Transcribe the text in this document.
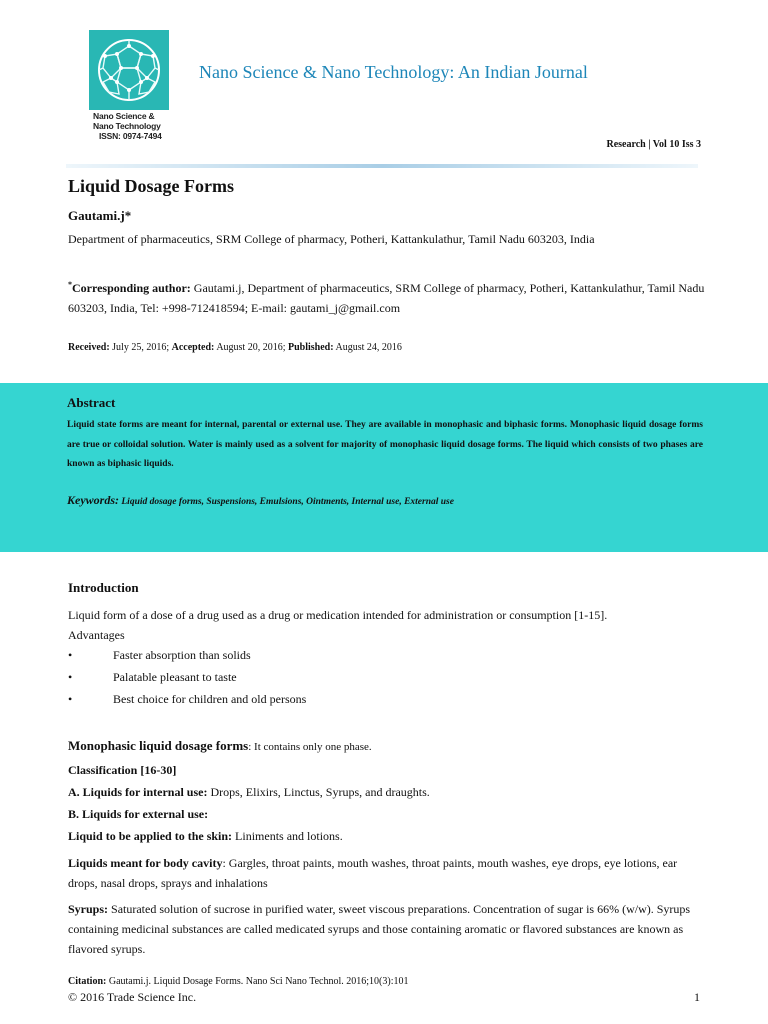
Nano Science &
Nano Technology
ISSN: 0974-7494
Nano Science & Nano Technology: An Indian Journal
Research | Vol 10 Iss 3
Liquid Dosage Forms
Gautami.j*
Department of pharmaceutics, SRM College of pharmacy, Potheri, Kattankulathur, Tamil Nadu 603203, India
*Corresponding author: Gautami.j, Department of pharmaceutics, SRM College of pharmacy, Potheri, Kattankulathur, Tamil Nadu 603203, India, Tel: +998-712418594; E-mail: gautami_j@gmail.com
Received: July 25, 2016; Accepted: August 20, 2016; Published: August 24, 2016
Abstract
Liquid state forms are meant for internal, parental or external use. They are available in monophasic and biphasic forms. Monophasic liquid dosage forms are true or colloidal solution. Water is mainly used as a solvent for majority of monophasic liquid dosage forms. The liquid which consists of two phases are known as biphasic liquids.
Keywords: Liquid dosage forms, Suspensions, Emulsions, Ointments, Internal use, External use
Introduction
Liquid form of a dose of a drug used as a drug or medication intended for administration or consumption [1-15]. Advantages
•	Faster absorption than solids
•	Palatable pleasant to taste
•	Best choice for children and old persons
Monophasic liquid dosage forms: It contains only one phase.
Classification [16-30]
A. Liquids for internal use: Drops, Elixirs, Linctus, Syrups, and draughts.
B. Liquids for external use:
Liquid to be applied to the skin: Liniments and lotions.
Liquids meant for body cavity: Gargles, throat paints, mouth washes, throat paints, mouth washes, eye drops, eye lotions, ear drops, nasal drops, sprays and inhalations
Syrups: Saturated solution of sucrose in purified water, sweet viscous preparations. Concentration of sugar is 66% (w/w). Syrups containing medicinal substances are called medicated syrups and those containing aromatic or flavored substances are known as flavored syrups.
Citation: Gautami.j. Liquid Dosage Forms. Nano Sci Nano Technol. 2016;10(3):101
© 2016 Trade Science Inc.	1
